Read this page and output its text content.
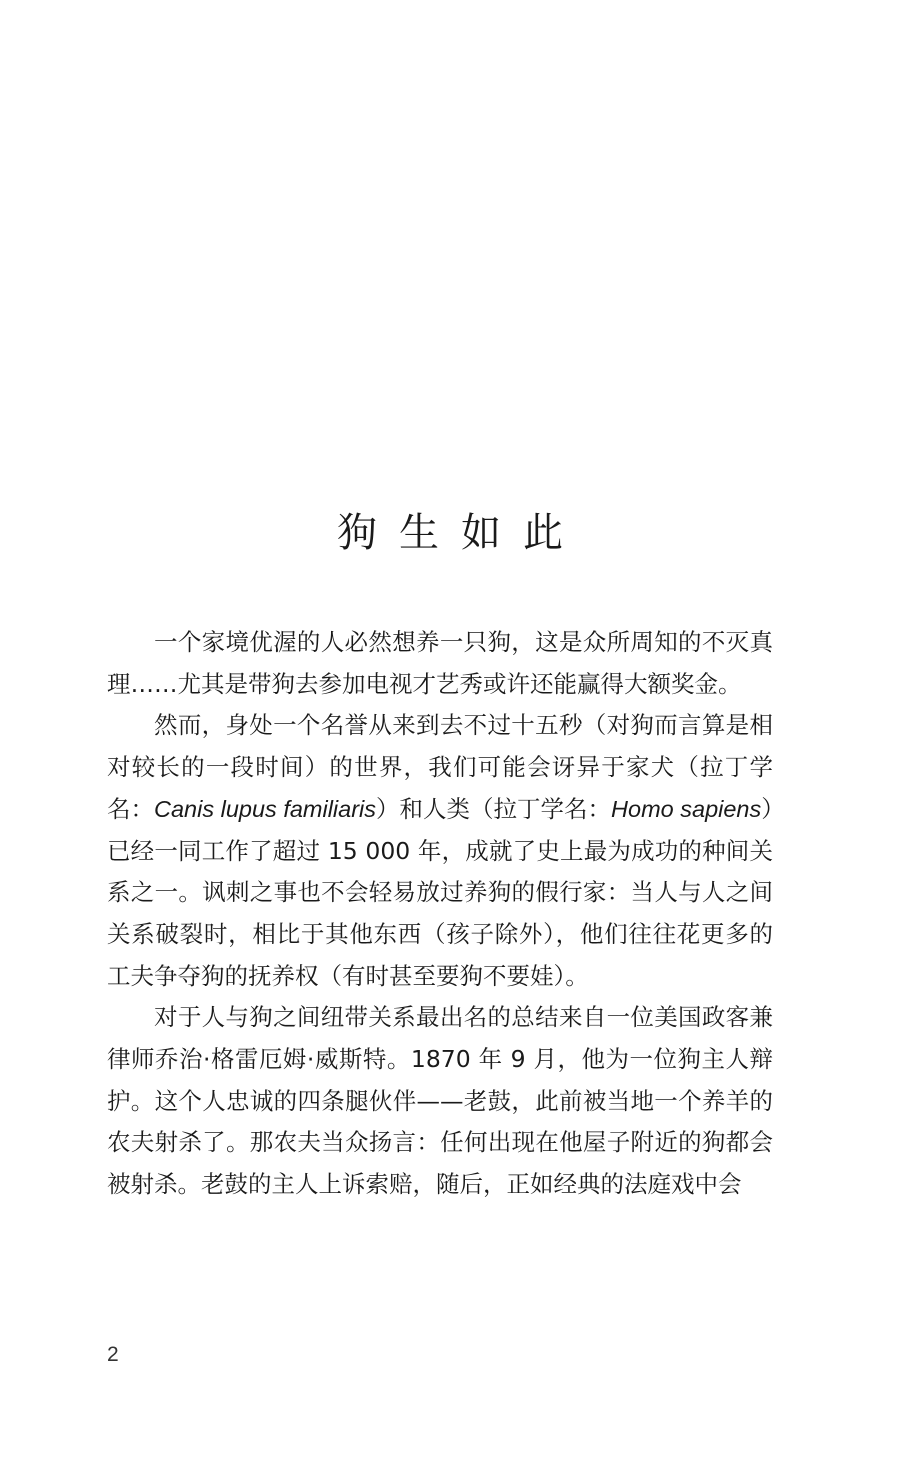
狗生如此

一个家境优渥的人必然想养一只狗，这是众所周知的不灭真理……尤其是带狗去参加电视才艺秀或许还能赢得大额奖金。

然而，身处一个名誉从来到去不过十五秒（对狗而言算是相对较长的一段时间）的世界，我们可能会讶异于家犬（拉丁学名：Canis lupus familiaris）和人类（拉丁学名：Homo sapiens）已经一同工作了超过 15 000 年，成就了史上最为成功的种间关系之一。讽刺之事也不会轻易放过养狗的假行家：当人与人之间关系破裂时，相比于其他东西（孩子除外），他们往往花更多的工夫争夺狗的抚养权（有时甚至要狗不要娃）。

对于人与狗之间纽带关系最出名的总结来自一位美国政客兼律师乔治·格雷厄姆·威斯特。1870 年 9 月，他为一位狗主人辩护。这个人忠诚的四条腿伙伴——老鼓，此前被当地一个养羊的农夫射杀了。那农夫当众扬言：任何出现在他屋子附近的狗都会被射杀。老鼓的主人上诉索赔，随后，正如经典的法庭戏中会

2
